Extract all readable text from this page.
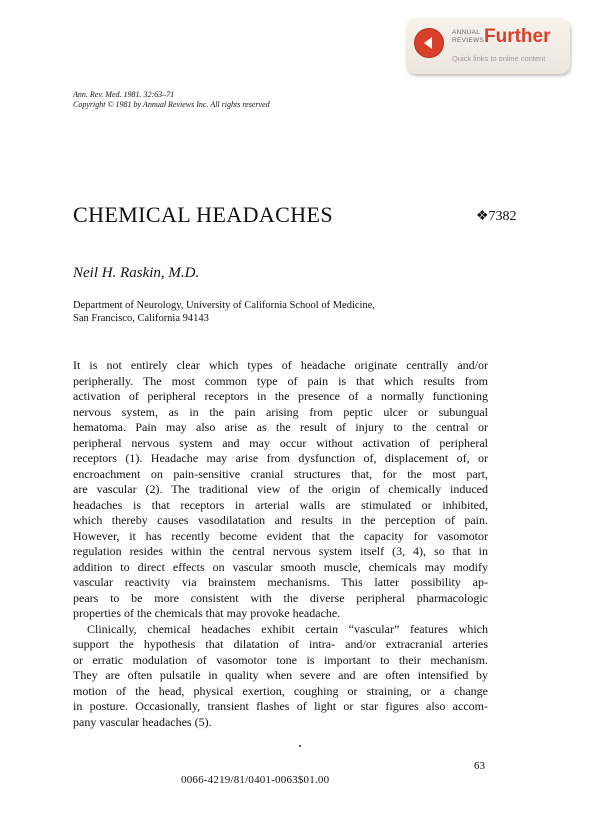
ANNUAL
REVIEWS Further
Quick links to online content
Ann. Rev. Med. 1981. 32:63–71
Copyright © 1981 by Annual Reviews Inc. All rights reserved
CHEMICAL HEADACHES	❖7382
Neil H. Raskin, M.D.
Department of Neurology, University of California School of Medicine,
San Francisco, California 94143
It is not entirely clear which types of headache originate centrally and/or
peripherally. The most common type of pain is that which results from
activation of peripheral receptors in the presence of a normally functioning
nervous system, as in the pain arising from peptic ulcer or subungual
hematoma. Pain may also arise as the result of injury to the central or
peripheral nervous system and may occur without activation of peripheral
receptors (1). Headache may arise from dysfunction of, displacement of, or
encroachment on pain-sensitive cranial structures that, for the most part,
are vascular (2). The traditional view of the origin of chemically induced
headaches is that receptors in arterial walls are stimulated or inhibited,
which thereby causes vasodilatation and results in the perception of pain.
However, it has recently become evident that the capacity for vasomotor
regulation resides within the central nervous system itself (3, 4), so that in
addition to direct effects on vascular smooth muscle, chemicals may modify
vascular reactivity via brainstem mechanisms. This latter possibility ap-
pears to be more consistent with the diverse peripheral pharmacologic
properties of the chemicals that may provoke headache.
Clinically, chemical headaches exhibit certain “vascular” features which
support the hypothesis that dilatation of intra- and/or extracranial arteries
or erratic modulation of vasomotor tone is important to their mechanism.
They are often pulsatile in quality when severe and are often intensified by
motion of the head, physical exertion, coughing or straining, or a change
in posture. Occasionally, transient flashes of light or star figures also accom-
pany vascular headaches (5).
63
0066-4219/81/0401-0063$01.00
